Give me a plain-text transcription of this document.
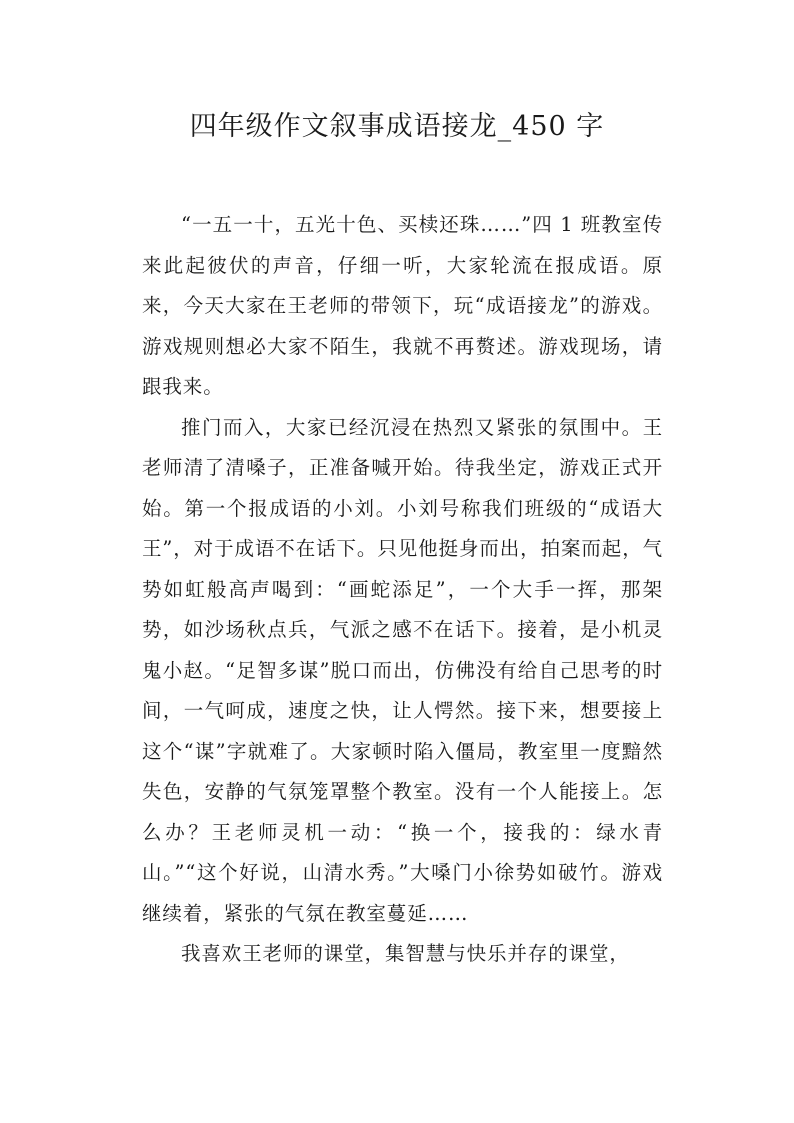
四年级作文叙事成语接龙_450 字

“一五一十，五光十色、买椟还珠……”四 1 班教室传来此起彼伏的声音，仔细一听，大家轮流在报成语。原来，今天大家在王老师的带领下，玩“成语接龙”的游戏。游戏规则想必大家不陌生，我就不再赘述。游戏现场，请跟我来。

推门而入，大家已经沉浸在热烈又紧张的氛围中。王老师清了清嗓子，正准备喊开始。待我坐定，游戏正式开始。第一个报成语的小刘。小刘号称我们班级的“成语大王”，对于成语不在话下。只见他挺身而出，拍案而起，气势如虹般高声喝到：“画蛇添足”，一个大手一挥，那架势，如沙场秋点兵，气派之感不在话下。接着，是小机灵鬼小赵。“足智多谋”脱口而出，仿佛没有给自己思考的时间，一气呵成，速度之快，让人愕然。接下来，想要接上这个“谋”字就难了。大家顿时陷入僵局，教室里一度黯然失色，安静的气氛笼罩整个教室。没有一个人能接上。怎么办？王老师灵机一动：“换一个，接我的：绿水青山。”“这个好说，山清水秀。”大嗓门小徐势如破竹。游戏继续着，紧张的气氛在教室蔓延……

我喜欢王老师的课堂，集智慧与快乐并存的课堂，
